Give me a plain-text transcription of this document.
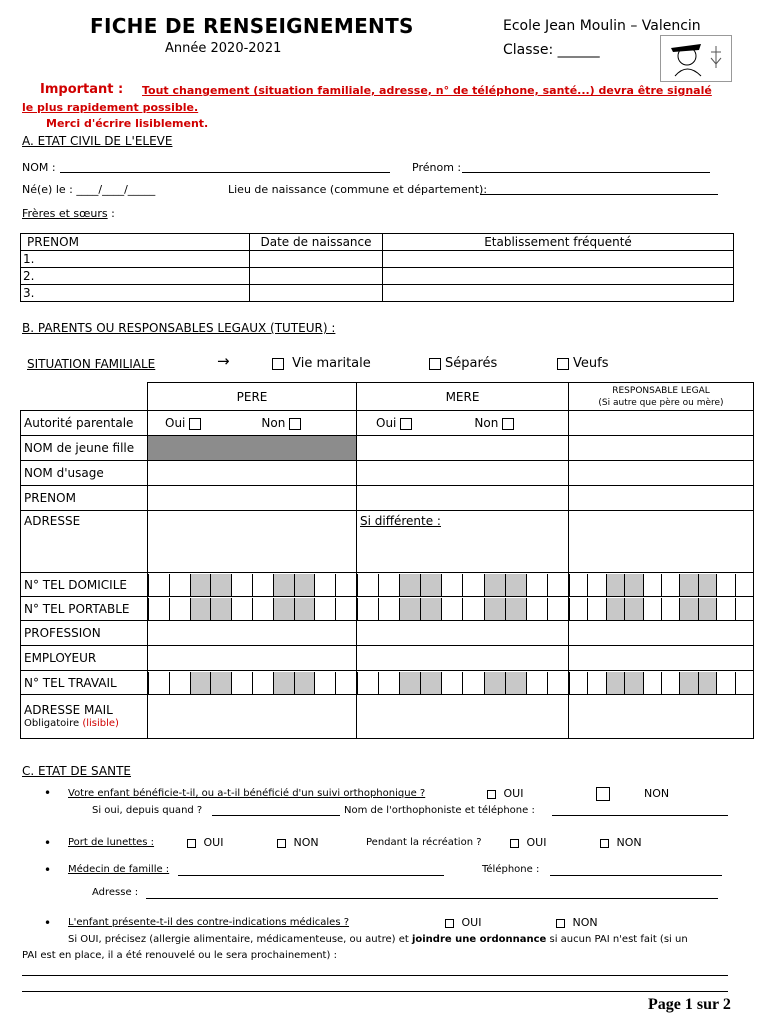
FICHE DE RENSEIGNEMENTS
Année 2020-2021
Ecole Jean Moulin – Valencin
Classe: ______
Important : Tout changement (situation familiale, adresse, n° de téléphone, santé...) devra être signalé
le plus rapidement possible.
Merci d'écrire lisiblement.
A. ETAT CIVIL DE L'ELEVE
NOM :	Prénom :
Né(e) le : ____/____/_____	Lieu de naissance (commune et département):
Frères et sœurs :
PRENOM	Date de naissance	Etablissement fréquenté
1.		
2.		
3.		
B. PARENTS OU RESPONSABLES LEGAUX (TUTEUR) :
SITUATION FAMILIALE	→	Vie maritale	Séparés	Veufs
	PERE	MERE	RESPONSABLE LEGAL
(Si autre que père ou mère)

Autorité parentale	Oui Non	Oui Non	
NOM de jeune fille			
NOM d'usage			
PRENOM			
ADRESSE		Si différente :	
N° TEL DOMICILE	

N° TEL PORTABLE	

PROFESSION			
EMPLOYEUR			
N° TEL TRAVAIL	

ADRESSE MAIL
Obligatoire (lisible)			

C. ETAT DE SANTE
• Votre enfant bénéficie-t-il, ou a-t-il bénéficié d'un suivi orthophonique ?	OUI	NON
Si oui, depuis quand ?	Nom de l'orthophoniste et téléphone :
• Port de lunettes :	OUI	NON	Pendant la récréation ?	OUI	NON
• Médecin de famille :	Téléphone :
Adresse :
• L'enfant présente-t-il des contre-indications médicales ?	OUI	NON
Si OUI, précisez (allergie alimentaire, médicamenteuse, ou autre) et joindre une ordonnance si aucun PAI n'est fait (si un
PAI est en place, il a été renouvelé ou le sera prochainement) :
Page 1 sur 2
